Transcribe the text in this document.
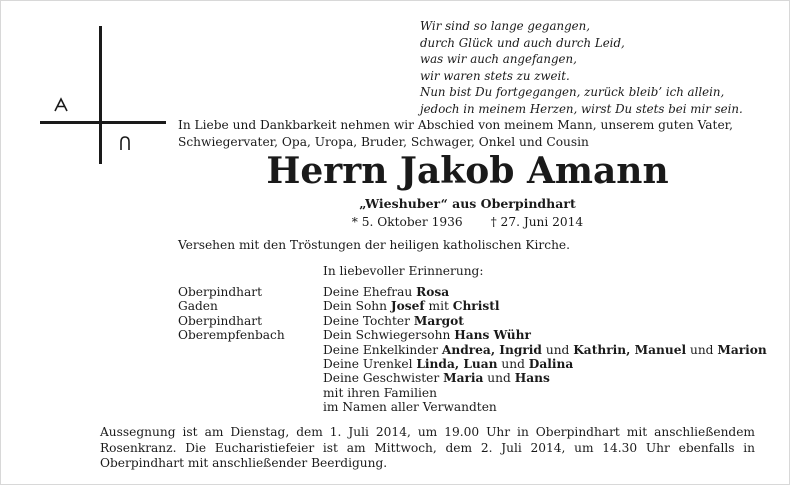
Wir sind so lange gegangen,
durch Glück und auch durch Leid,
was wir auch angefangen,
wir waren stets zu zweit.
Nun bist Du fortgegangen, zurück bleib’ ich allein,
jedoch in meinem Herzen, wirst Du stets bei mir sein.
In Liebe und Dankbarkeit nehmen wir Abschied von meinem Mann, unserem guten Vater,
Schwiegervater, Opa, Uropa, Bruder, Schwager, Onkel und Cousin
Herrn Jakob Amann
„Wieshuber“ aus Oberpindhart
* 5. Oktober 1936 † 27. Juni 2014
Versehen mit den Tröstungen der heiligen katholischen Kirche.
In liebevoller Erinnerung:
Oberpindhart
Gaden
Oberpindhart
Oberempfenbach
Deine Ehefrau Rosa
Dein Sohn Josef mit Christl
Deine Tochter Margot
Dein Schwiegersohn Hans Wühr
Deine Enkelkinder Andrea, Ingrid und Kathrin, Manuel und Marion
Deine Urenkel Linda, Luan und Dalina
Deine Geschwister Maria und Hans
mit ihren Familien
im Namen aller Verwandten
Aussegnung ist am Dienstag, dem 1. Juli 2014, um 19.00 Uhr in Oberpindhart mit anschließendem Rosenkranz. Die Eucharistiefeier ist am Mittwoch, dem 2. Juli 2014, um 14.30 Uhr ebenfalls in Oberpindhart mit anschließender Beerdigung.
